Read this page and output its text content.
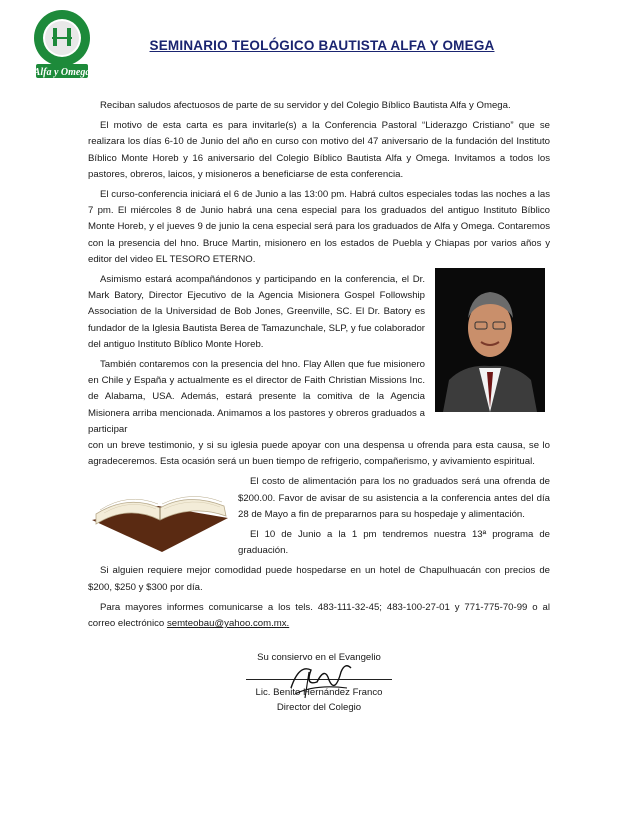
Alfa y Omega
SEMINARIO TEOLÓGICO BAUTISTA ALFA Y OMEGA

Reciban saludos afectuosos de parte de su servidor y del Colegio Bíblico Bautista Alfa y Omega.

El motivo de esta carta es para invitarle(s) a la Conferencia Pastoral “Liderazgo Cristiano” que se realizara los días 6-10 de Junio del año en curso con motivo del 47 aniversario de la fundación del Instituto Bíblico Monte Horeb y 16 aniversario del Colegio Bíblico Bautista Alfa y Omega. Invitamos a todos los pastores, obreros, laicos, y misioneros a beneficiarse de esta conferencia.

El curso-conferencia iniciará el 6 de Junio a las 13:00 pm. Habrá cultos especiales todas las noches a las 7 pm. El miércoles 8 de Junio habrá una cena especial para los graduados del antiguo Instituto Bíblico Monte Horeb, y el jueves 9 de junio la cena especial será para los graduados de Alfa y Omega. Contaremos con la presencia del hno. Bruce Martin, misionero en los estados de Puebla y Chiapas por varios años y editor del video EL TESORO ETERNO.

Asimismo estará acompañándonos y participando en la conferencia, el Dr. Mark Batory, Director Ejecutivo de la Agencia Misionera Gospel Followship Association de la Universidad de Bob Jones, Greenville, SC. El Dr. Batory es fundador de la Iglesia Bautista Berea de Tamazunchale, SLP, y fue colaborador del antiguo Instituto Bíblico Monte Horeb.

También contaremos con la presencia del hno. Flay Allen que fue misionero en Chile y España y actualmente es el director de Faith Christian Missions Inc. de Alabama, USA. Además, estará presente la comitiva de la Agencia Misionera arriba mencionada. Animamos a los pastores y obreros graduados a participar

con un breve testimonio, y si su iglesia puede apoyar con una despensa u ofrenda para esta causa, se lo agradeceremos. Esta ocasión será un buen tiempo de refrigerio, compañerismo, y avivamiento espiritual.

El costo de alimentación para los no graduados será una ofrenda de $200.00. Favor de avisar de su asistencia a la conferencia antes del día 28 de Mayo a fin de prepararnos para su hospedaje y alimentación.

El 10 de Junio a la 1 pm tendremos nuestra 13ª programa de graduación.

Si alguien requiere mejor comodidad puede hospedarse en un hotel de Chapulhuacán con precios de $200, $250 y $300 por día.

Para mayores informes comunicarse a los tels. 483-111-32-45; 483-100-27-01 y 771-775-70-99 o al correo electrónico semteobau@yahoo.com.mx.

Su consiervo en el Evangelio
Lic. Benito Hernández Franco
Director del Colegio
